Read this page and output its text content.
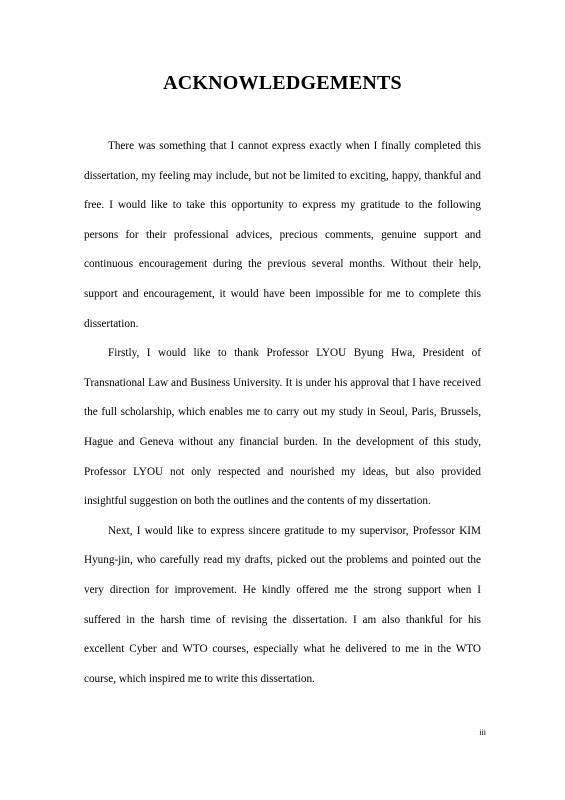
ACKNOWLEDGEMENTS

There was something that I cannot express exactly when I finally completed this dissertation, my feeling may include, but not be limited to exciting, happy, thankful and free. I would like to take this opportunity to express my gratitude to the following persons for their professional advices, precious comments, genuine support and continuous encouragement during the previous several months. Without their help, support and encouragement, it would have been impossible for me to complete this dissertation.

Firstly, I would like to thank Professor LYOU Byung Hwa, President of Transnational Law and Business University. It is under his approval that I have received the full scholarship, which enables me to carry out my study in Seoul, Paris, Brussels, Hague and Geneva without any financial burden. In the development of this study, Professor LYOU not only respected and nourished my ideas, but also provided insightful suggestion on both the outlines and the contents of my dissertation.

Next, I would like to express sincere gratitude to my supervisor, Professor KIM Hyung-jin, who carefully read my drafts, picked out the problems and pointed out the very direction for improvement. He kindly offered me the strong support when I suffered in the harsh time of revising the dissertation. I am also thankful for his excellent Cyber and WTO courses, especially what he delivered to me in the WTO course, which inspired me to write this dissertation.

iii
